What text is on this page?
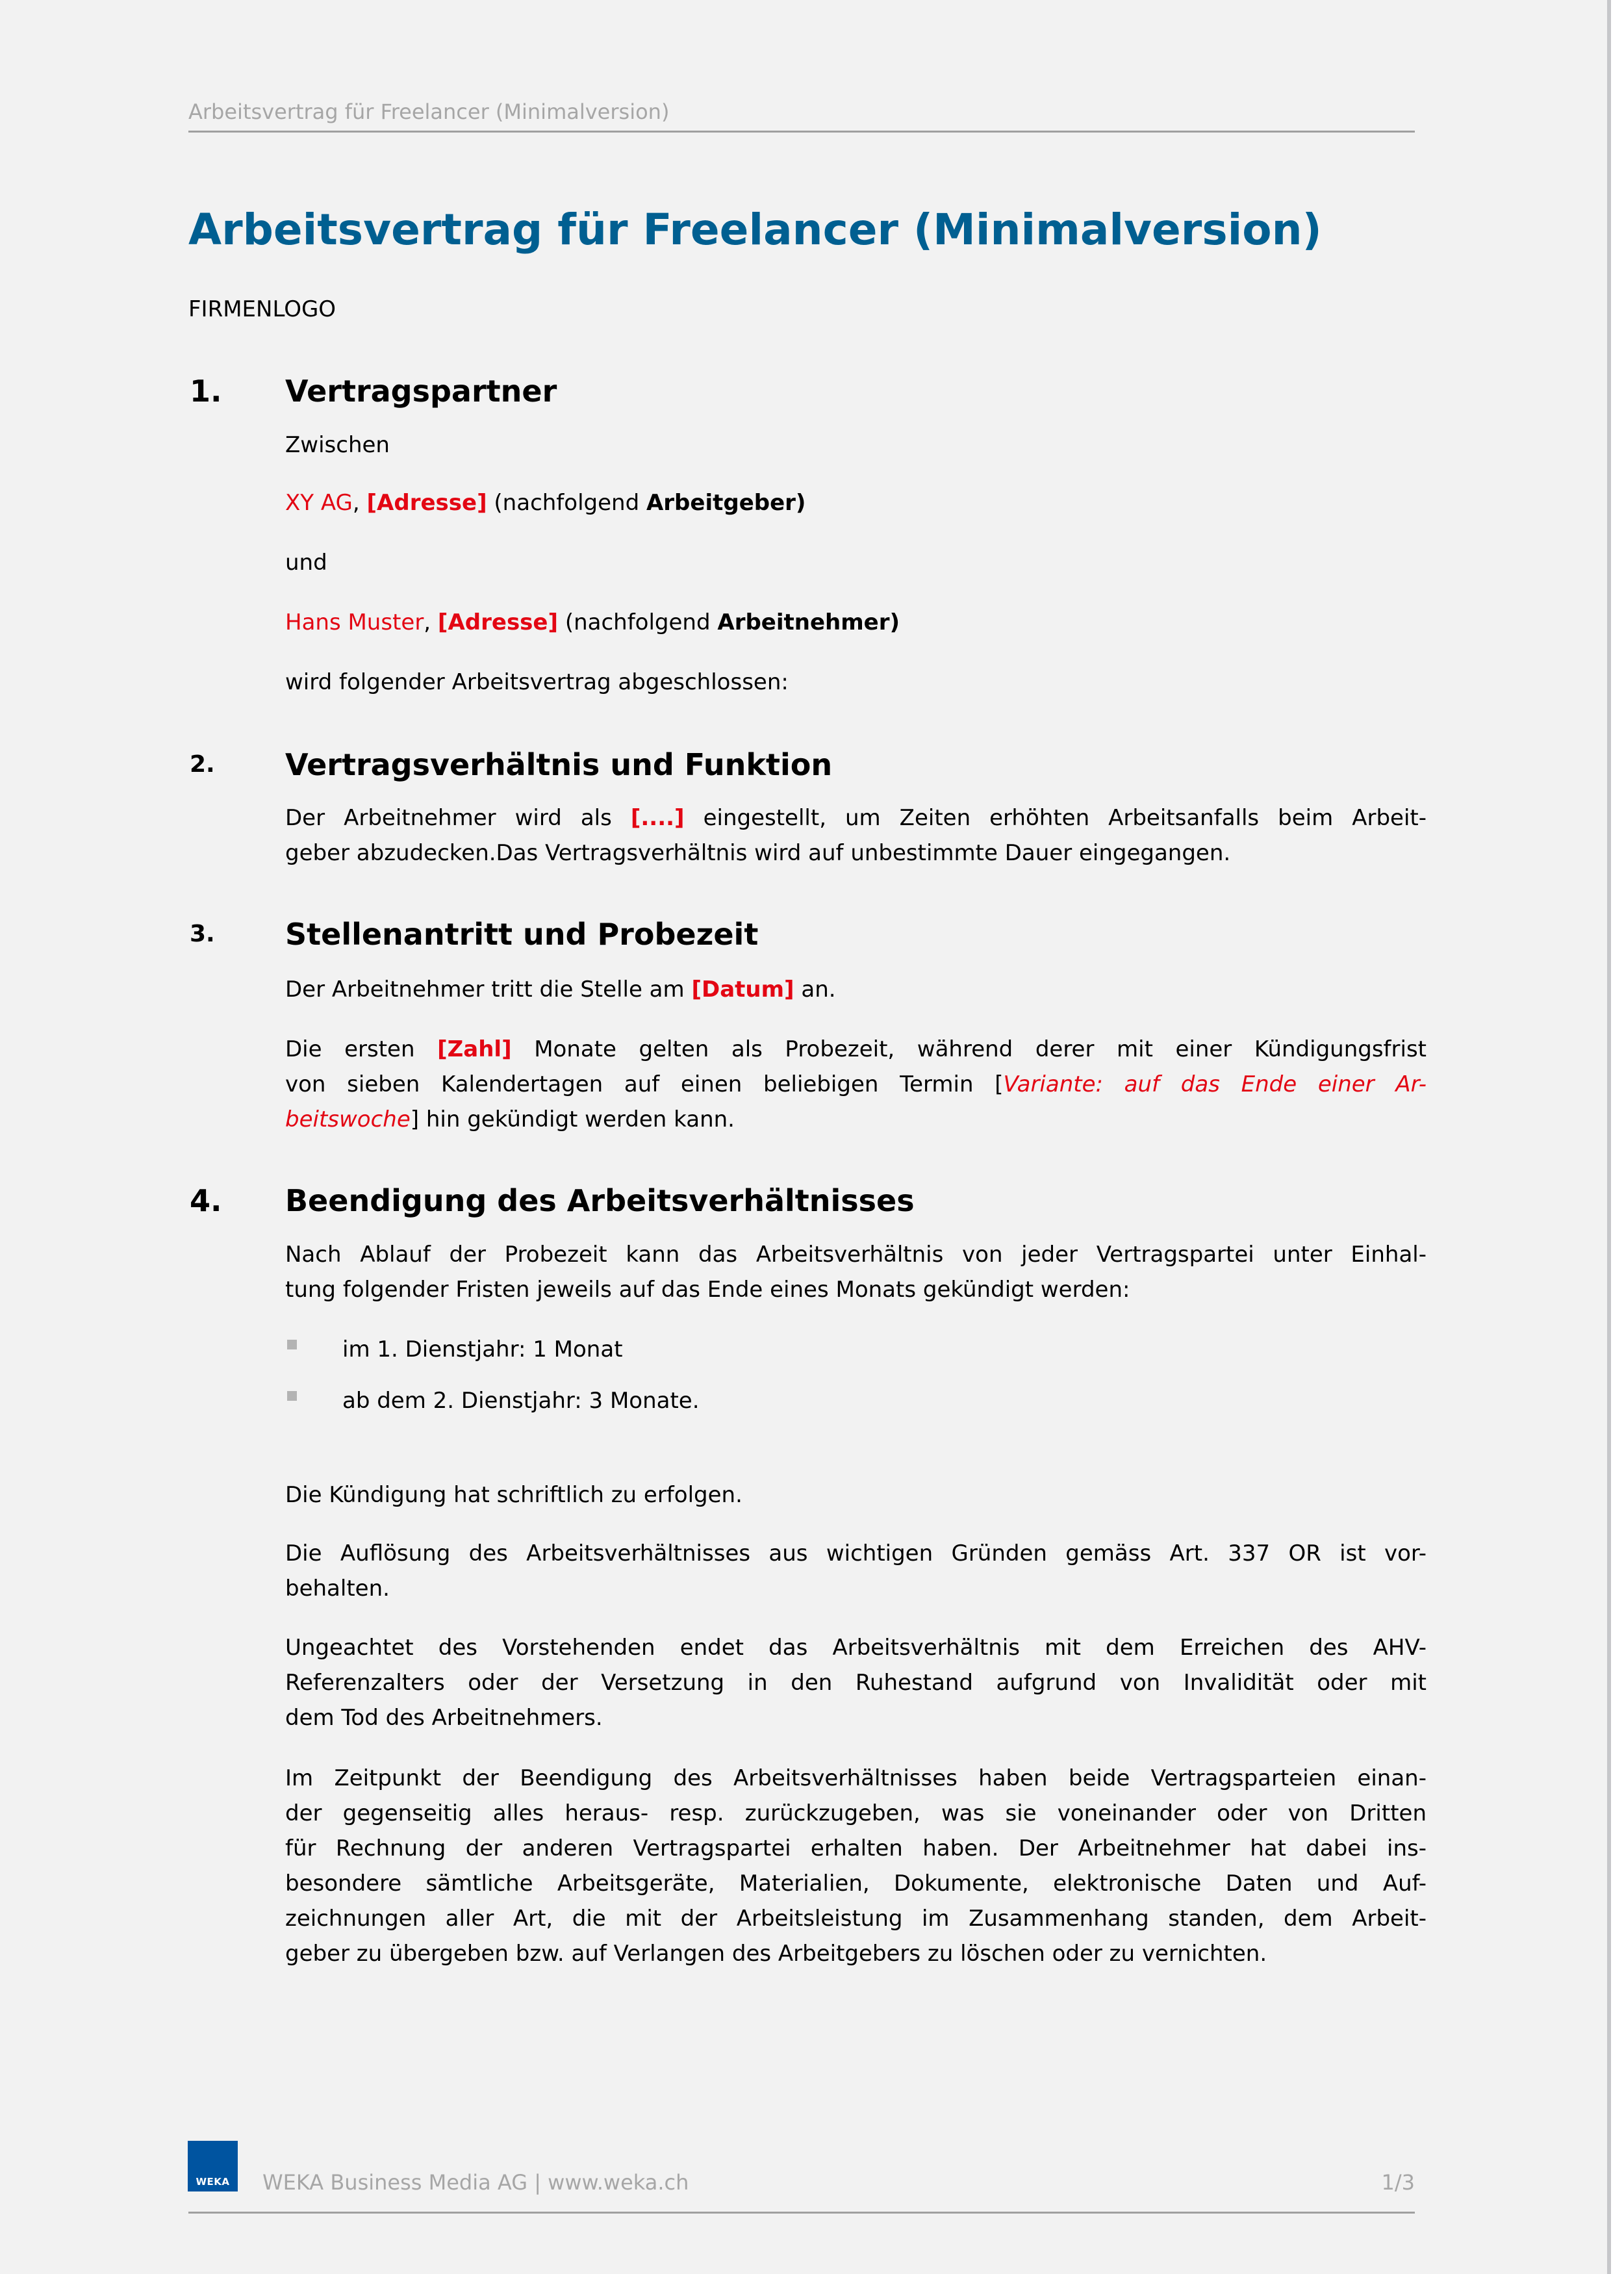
Arbeitsvertrag für Freelancer (Minimalversion)
Arbeitsvertrag für Freelancer (Minimalversion)
FIRMENLOGO
1. Vertragspartner
Zwischen
XY AG, [Adresse] (nachfolgend Arbeitgeber)
und
Hans Muster, [Adresse] (nachfolgend Arbeitnehmer)
wird folgender Arbeitsvertrag abgeschlossen:
2. Vertragsverhältnis und Funktion
Der Arbeitnehmer wird als [....] eingestellt, um Zeiten erhöhten Arbeitsanfalls beim Arbeit-
geber abzudecken.Das Vertragsverhältnis wird auf unbestimmte Dauer eingegangen.
3. Stellenantritt und Probezeit
Der Arbeitnehmer tritt die Stelle am [Datum] an.
Die ersten [Zahl] Monate gelten als Probezeit, während derer mit einer Kündigungsfrist
von sieben Kalendertagen auf einen beliebigen Termin [Variante: auf das Ende einer Ar-
beitswoche] hin gekündigt werden kann.
4. Beendigung des Arbeitsverhältnisses
Nach Ablauf der Probezeit kann das Arbeitsverhältnis von jeder Vertragspartei unter Einhal-
tung folgender Fristen jeweils auf das Ende eines Monats gekündigt werden:
im 1. Dienstjahr: 1 Monat
ab dem 2. Dienstjahr: 3 Monate.
Die Kündigung hat schriftlich zu erfolgen.
Die Auflösung des Arbeitsverhältnisses aus wichtigen Gründen gemäss Art. 337 OR ist vor-
behalten.
Ungeachtet des Vorstehenden endet das Arbeitsverhältnis mit dem Erreichen des AHV-
Referenzalters oder der Versetzung in den Ruhestand aufgrund von Invalidität oder mit
dem Tod des Arbeitnehmers.
Im Zeitpunkt der Beendigung des Arbeitsverhältnisses haben beide Vertragsparteien einan-
der gegenseitig alles heraus- resp. zurückzugeben, was sie voneinander oder von Dritten
für Rechnung der anderen Vertragspartei erhalten haben. Der Arbeitnehmer hat dabei ins-
besondere sämtliche Arbeitsgeräte, Materialien, Dokumente, elektronische Daten und Auf-
zeichnungen aller Art, die mit der Arbeitsleistung im Zusammenhang standen, dem Arbeit-
geber zu übergeben bzw. auf Verlangen des Arbeitgebers zu löschen oder zu vernichten.
WEKA	WEKA Business Media AG | www.weka.ch	1/3
